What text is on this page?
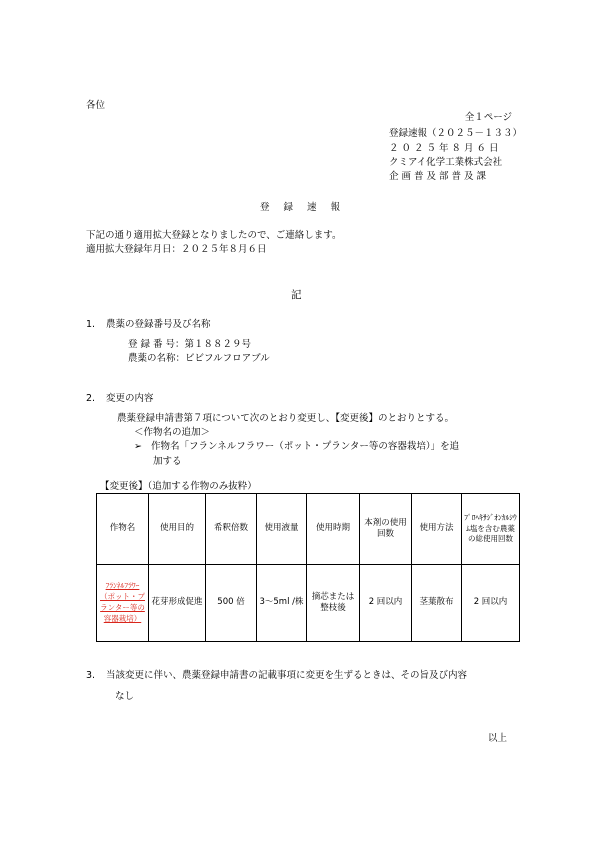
各位
全１ページ
登録速報（２０２５－１３３）
２０２５年８月６日
クミアイ化学工業株式会社
企画普及部普及課
登録速報
下記の通り適用拡大登録となりましたので、ご連絡します。
適用拡大登録年月日：２０２５年８月６日
記
1. 農薬の登録番号及び名称
登 録 番 号：第１８８２９号
農薬の名称：ビビフルフロアブル
2. 変更の内容
農薬登録申請書第７項について次のとおり変更し、【変更後】のとおりとする。
＜作物名の追加＞
➢ 作物名「フランネルフラワー（ポット・プランター等の容器栽培）」を追
加する
【変更後】（追加する作物のみ抜粋）
作物名	使用目的	希釈倍数	使用液量	使用時期	本剤の使用回数	使用方法	ﾌﾟﾛﾍｷｻｼﾞｵﾝｶﾙｼｳﾑ塩を含む農薬の総使用回数
ﾌﾗﾝﾈﾙﾌﾗﾜｰ（ポット・プランター等の容器栽培）	花芽形成促進	500 倍	3～5ml /株	摘芯または整枝後	2 回以内	茎葉散布	2 回以内
3. 当該変更に伴い、農薬登録申請書の記載事項に変更を生ずるときは、その旨及び内容
なし
以上
